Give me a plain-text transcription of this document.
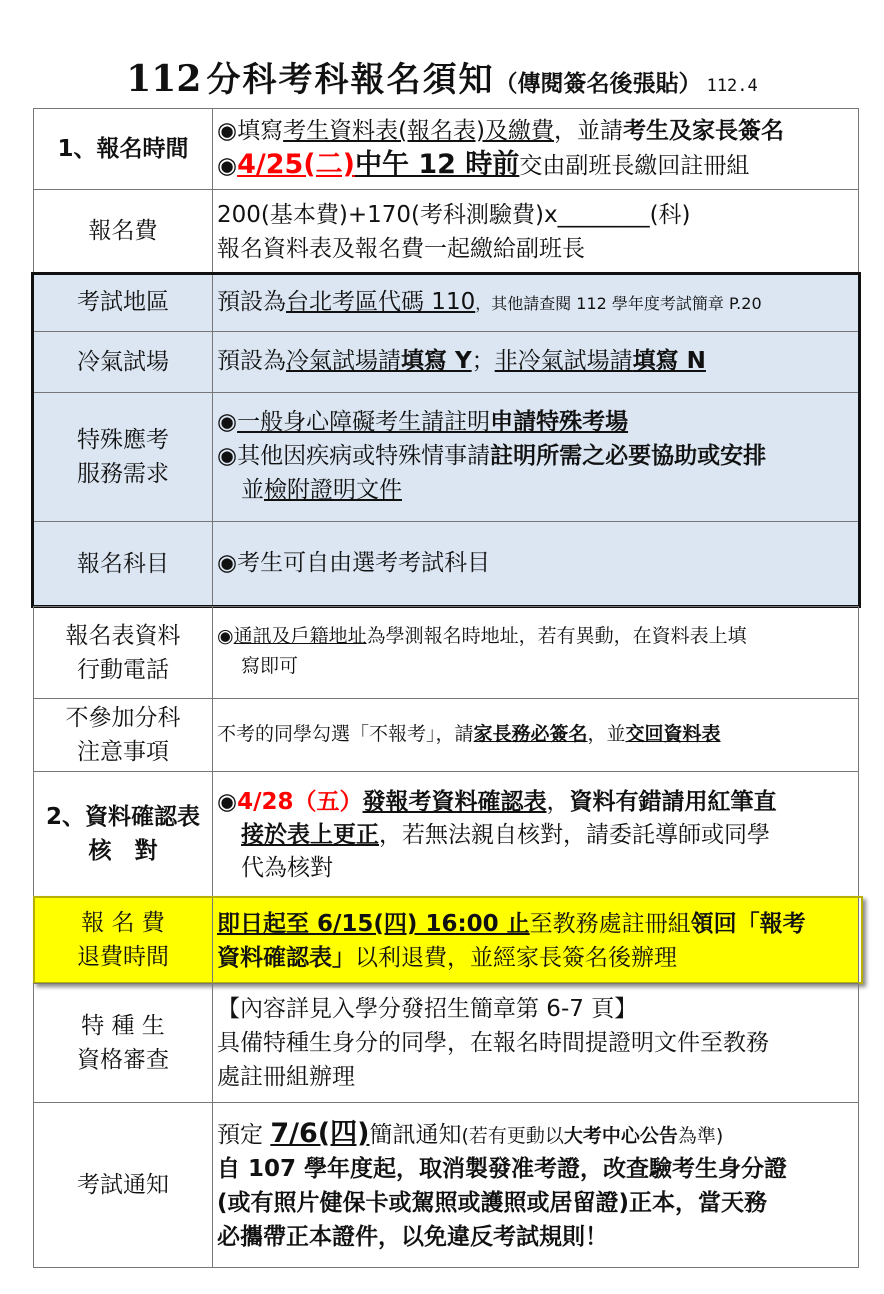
112 分科考科報名須知（傳閱簽名後張貼） 112.4
1、報名時間
◉填寫考生資料表(報名表)及繳費，並請考生及家長簽名
◉4/25(二)中午 12 時前交由副班長繳回註冊組
報名費
200(基本費)+170(考科測驗費)x________(科)
報名資料表及報名費一起繳給副班長
考試地區 預設為台北考區代碼 110，其他請查閱 112 學年度考試簡章 P.20
冷氣試場 預設為冷氣試場請填寫 Y；非冷氣試場請填寫 N
特殊應考
服務需求
◉一般身心障礙考生請註明申請特殊考場
◉其他因疾病或特殊情事請註明所需之必要協助或安排
並檢附證明文件
報名科目 ◉考生可自由選考考試科目
報名表資料
行動電話
◉通訊及戶籍地址為學測報名時地址，若有異動，在資料表上填
寫即可
不參加分科
注意事項
不考的同學勾選「不報考」，請家長務必簽名，並交回資料表
2、資料確認表
核　對
◉4/28（五）發報考資料確認表，資料有錯請用紅筆直
接於表上更正，若無法親自核對，請委託導師或同學
代為核對
報 名 費
退費時間
即日起至 6/15(四) 16:00 止至教務處註冊組領回「報考
資料確認表」以利退費，並經家長簽名後辦理
特 種 生
資格審查
【內容詳見入學分發招生簡章第 6-7 頁】
具備特種生身分的同學，在報名時間提證明文件至教務
處註冊組辦理
考試通知
預定 7/6(四)簡訊通知(若有更動以大考中心公告為準)
自 107 學年度起，取消製發准考證，改查驗考生身分證
(或有照片健保卡或駕照或護照或居留證)正本，當天務
必攜帶正本證件，以免違反考試規則！
